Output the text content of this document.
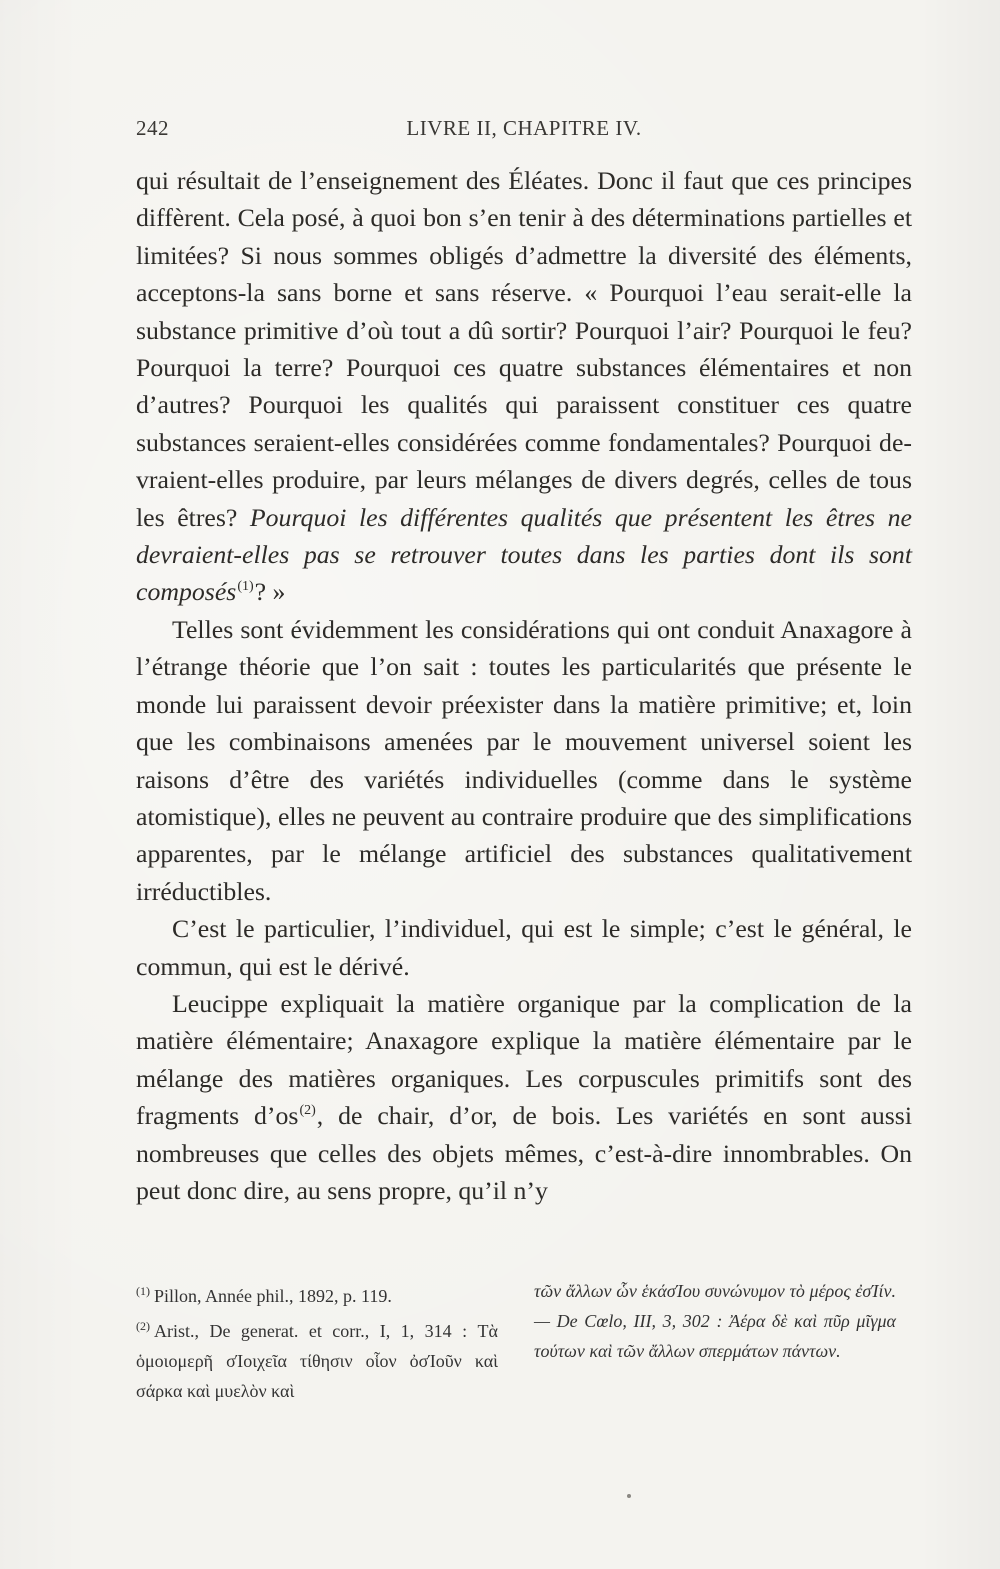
242	LIVRE II, CHAPITRE IV.

qui résultait de l’enseignement des Éléates. Donc il faut que ces principes diffèrent. Cela posé, à quoi bon s’en tenir à des déterminations partielles et limitées? Si nous sommes obligés d’admettre la diversité des éléments, acceptons-la sans borne et sans réserve. « Pourquoi l’eau serait-elle la substance primitive d’où tout a dû sortir? Pourquoi l’air? Pourquoi le feu? Pourquoi la terre? Pourquoi ces quatre substances élémentaires et non d’autres? Pourquoi les qualités qui paraissent constituer ces quatre substances seraient-elles considérées comme fondamentales? Pourquoi devraient-elles produire, par leurs mélanges de divers degrés, celles de tous les êtres? Pourquoi les différentes qualités que présentent les êtres ne devraient-elles pas se retrouver toutes dans les parties dont ils sont composés$^{(1)}$? »

Telles sont évidemment les considérations qui ont conduit Anaxagore à l’étrange théorie que l’on sait : toutes les particularités que présente le monde lui paraissent devoir préexister dans la matière primitive; et, loin que les combinaisons amenées par le mouvement universel soient les raisons d’être des variétés individuelles (comme dans le système atomistique), elles ne peuvent au contraire produire que des simplifications apparentes, par le mélange artificiel des substances qualitativement irréductibles.

C’est le particulier, l’individuel, qui est le simple; c’est le général, le commun, qui est le dérivé.

Leucippe expliquait la matière organique par la complication de la matière élémentaire; Anaxagore explique la matière élémentaire par le mélange des matières organiques. Les corpuscules primitifs sont des fragments d’os$^{(2)}$, de chair, d’or, de bois. Les variétés en sont aussi nombreuses que celles des objets mêmes, c’est-à-dire innombrables. On peut donc dire, au sens propre, qu’il n’y

$^{(1)}$ Pillon, Année phil., 1892, p. 119.
$^{(2)}$ Arist., De generat. et corr., I, 1, 314 : Τὰ ὁμοιομερῆ σΊοιχεῖα τίθησιν οἷον ὀσΊοῦν καὶ σάρκα καὶ μυελὸν καὶ
τῶν ἄλλων ὧν ἑκάσΊου συνώνυμον τὸ μέρος ἐσΊίν. — De Cœlo, III, 3, 302 : Ἀέρα δὲ καὶ πῦρ μῖγμα τούτων καὶ τῶν ἄλλων σπερμάτων πάντων.
